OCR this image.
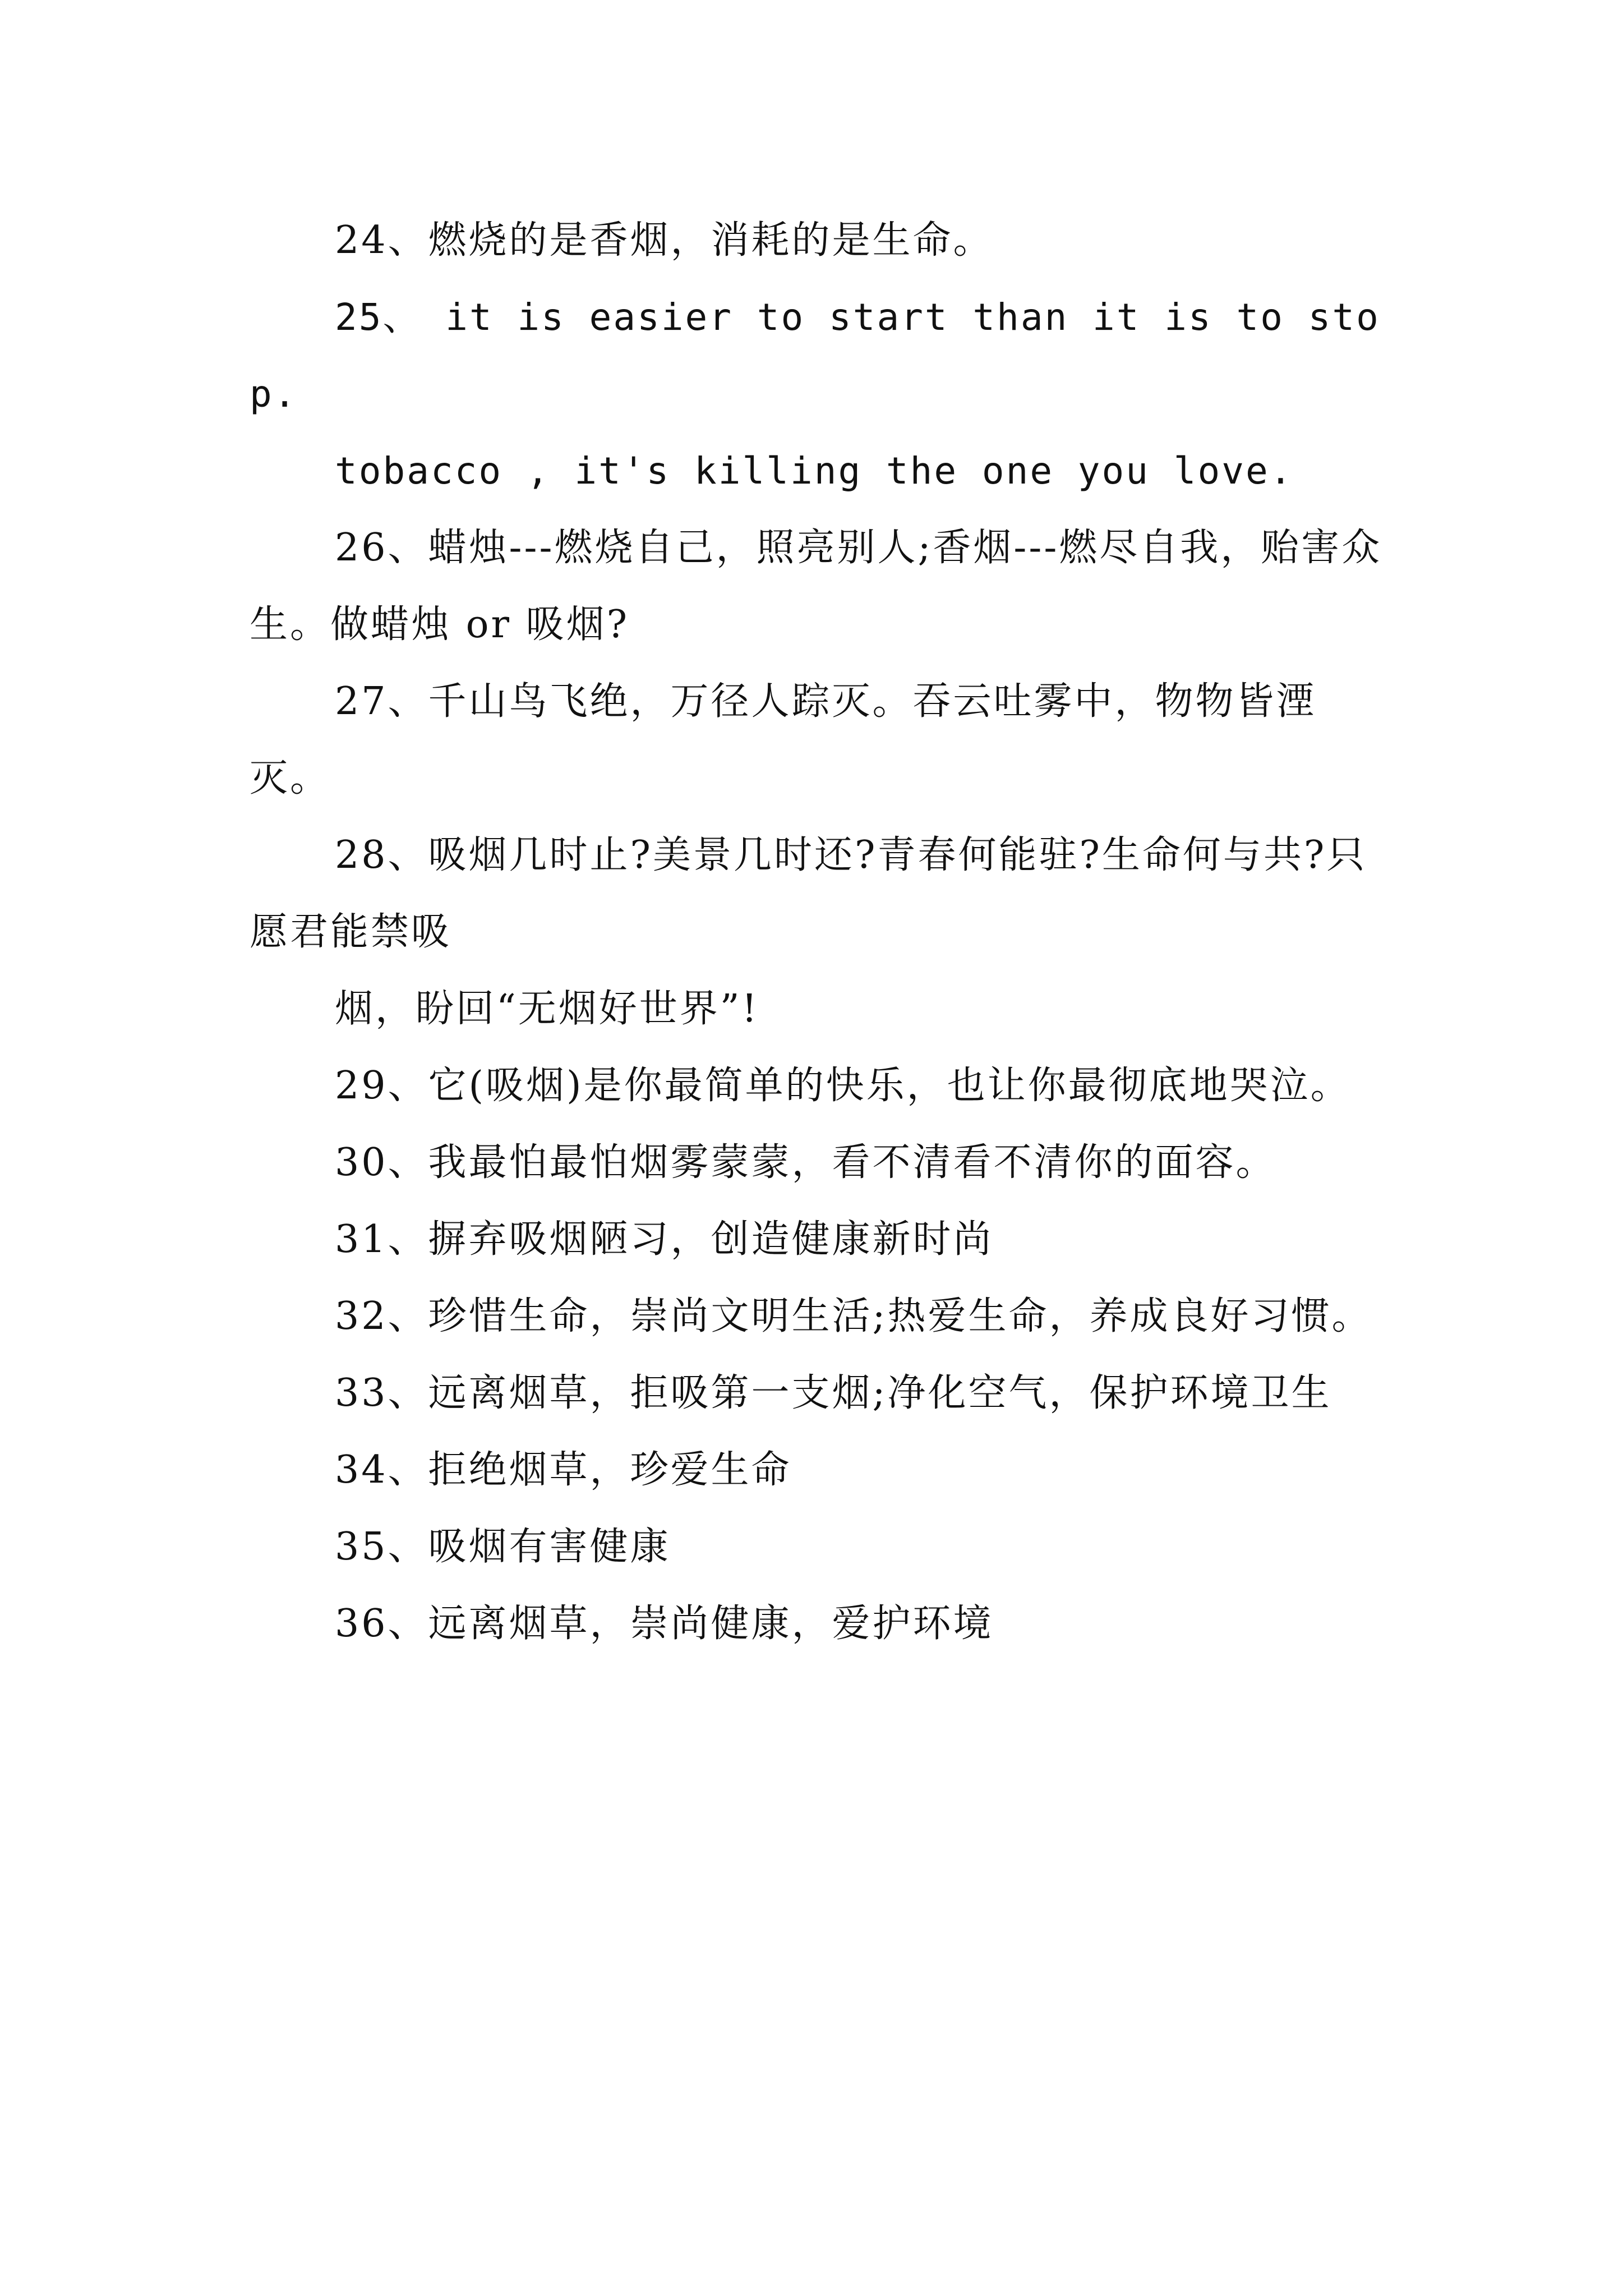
24、燃烧的是香烟，消耗的是生命。

25、 it is easier to start than it is to stop.

tobacco , it's killing the one you love.

26、蜡烛---燃烧自己，照亮别人;香烟---燃尽自我，贻害众生。做蜡烛 or 吸烟?

27、千山鸟飞绝，万径人踪灭。吞云吐雾中，物物皆湮灭。

28、吸烟几时止?美景几时还?青春何能驻?生命何与共?只愿君能禁吸

烟，盼回“无烟好世界”!

29、它(吸烟)是你最简单的快乐，也让你最彻底地哭泣。

30、我最怕最怕烟雾蒙蒙，看不清看不清你的面容。

31、摒弃吸烟陋习，创造健康新时尚

32、珍惜生命，崇尚文明生活;热爱生命，养成良好习惯。

33、远离烟草，拒吸第一支烟;净化空气，保护环境卫生

34、拒绝烟草，珍爱生命

35、吸烟有害健康

36、远离烟草，崇尚健康，爱护环境
